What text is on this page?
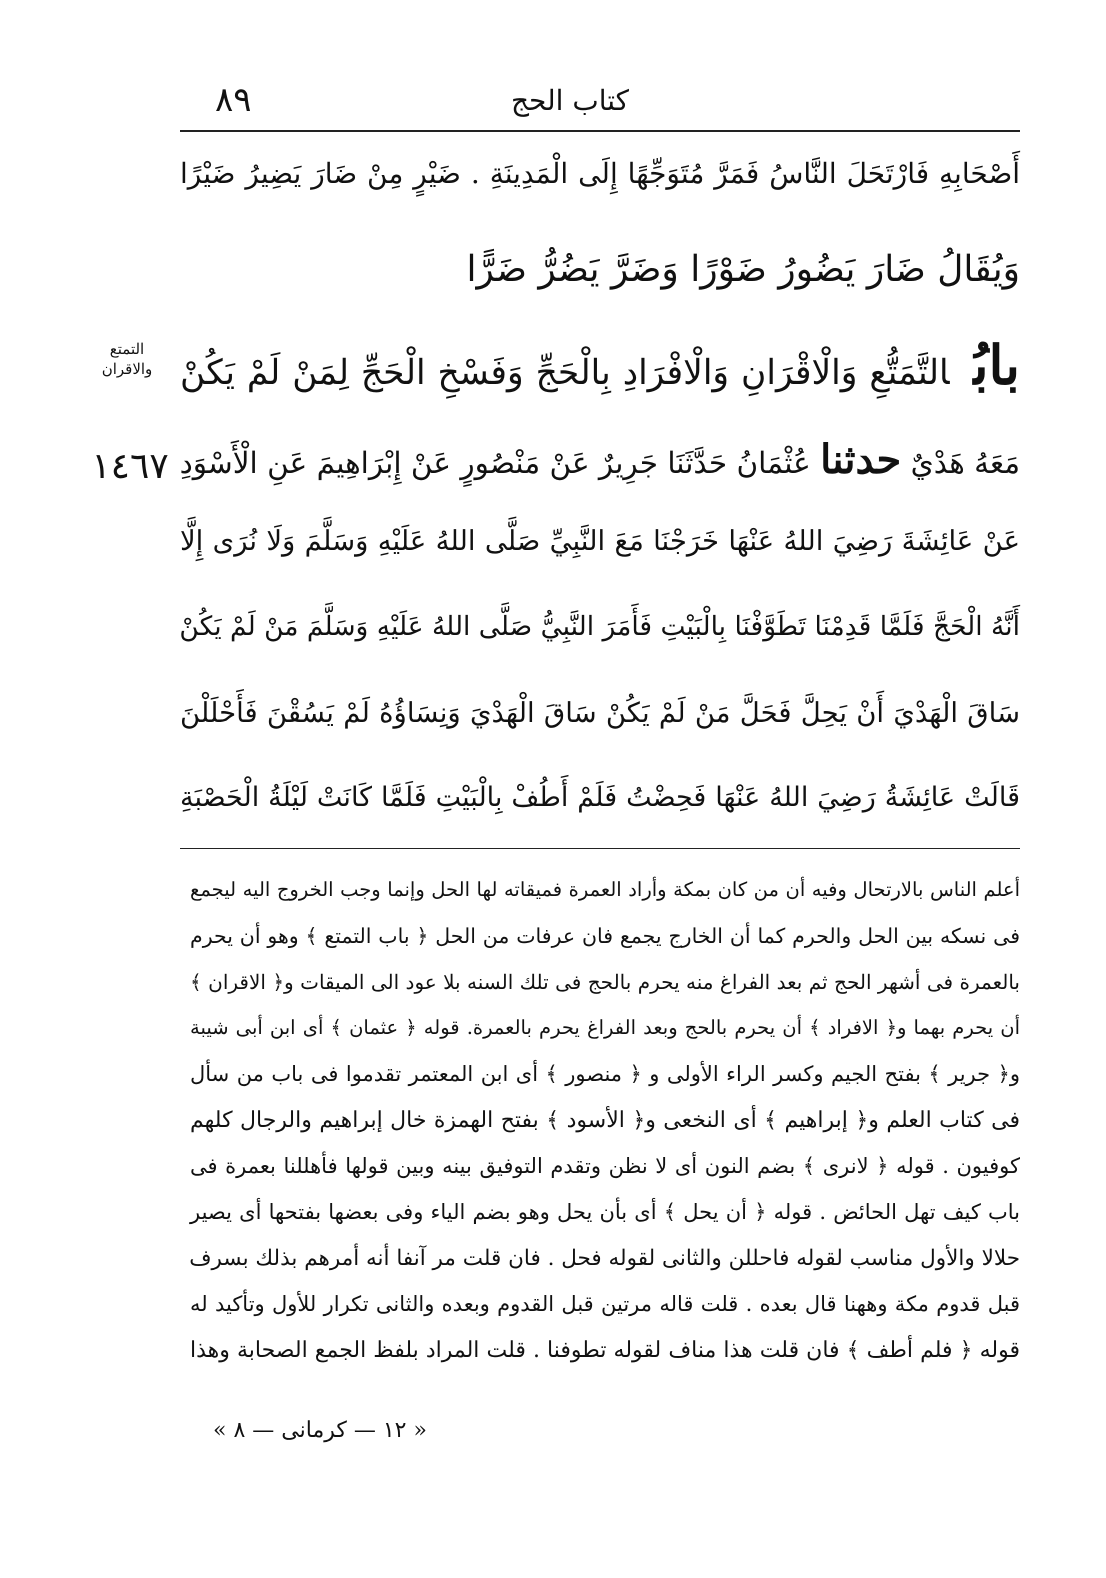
كتاب الحج
٨٩
أَصْحَابِهِ فَارْتَحَلَ النَّاسُ فَمَرَّ مُتَوَجِّهًا إِلَى الْمَدِينَةِ . ضَيْرٍ مِنْ ضَارَ يَضِيرُ ضَيْرًا
وَيُقَالُ ضَارَ يَضُورُ ضَوْرًا وَضَرَّ يَضُرُّ ضَرًّا
بابُالتَّمَتُّعِ وَالْاقْرَانِ وَالْافْرَادِ بِالْحَجِّ وَفَسْخِ الْحَجِّ لِمَنْ لَمْ يَكُنْ
التمتع
والاقران
١٤٦٧	مَعَهُ هَدْيٌ حدثنا عُثْمَانُ حَدَّثَنَا جَرِيرٌ عَنْ مَنْصُورٍ عَنْ إِبْرَاهِيمَ عَنِ الْأَسْوَدِ
عَنْ عَائِشَةَ رَضِيَ اللهُ عَنْهَا خَرَجْنَا مَعَ النَّبِيِّ صَلَّى اللهُ عَلَيْهِ وَسَلَّمَ وَلَا نُرَى إِلَّا
أَنَّهُ الْحَجَّ فَلَمَّا قَدِمْنَا تَطَوَّفْنَا بِالْبَيْتِ فَأَمَرَ النَّبِيُّ صَلَّى اللهُ عَلَيْهِ وَسَلَّمَ مَنْ لَمْ يَكُنْ
سَاقَ الْهَدْيَ أَنْ يَحِلَّ فَحَلَّ مَنْ لَمْ يَكُنْ سَاقَ الْهَدْيَ وَنِسَاؤُهُ لَمْ يَسُقْنَ فَأَحْلَلْنَ
قَالَتْ عَائِشَةُ رَضِيَ اللهُ عَنْهَا فَحِضْتُ فَلَمْ أَطُفْ بِالْبَيْتِ فَلَمَّا كَانَتْ لَيْلَةُ الْحَصْبَةِ
أعلم الناس بالارتحال وفيه أن من كان بمكة وأراد العمرة فميقاته لها الحل وإنما وجب الخروج اليه ليجمع
فى نسكه بين الحل والحرم كما أن الخارج يجمع فان عرفات من الحل ﴿ باب التمتع ﴾ وهو أن يحرم
بالعمرة فى أشهر الحج ثم بعد الفراغ منه يحرم بالحج فى تلك السنه بلا عود الى الميقات و﴿ الاقران ﴾
أن يحرم بهما و﴿ الافراد ﴾ أن يحرم بالحج وبعد الفراغ يحرم بالعمرة. قوله ﴿ عثمان ﴾ أى ابن أبى شيبة
و﴿ جرير ﴾ بفتح الجيم وكسر الراء الأولى و ﴿ منصور ﴾ أى ابن المعتمر تقدموا فى باب من سأل
فى كتاب العلم و﴿ إبراهيم ﴾ أى النخعى و﴿ الأسود ﴾ بفتح الهمزة خال إبراهيم والرجال كلهم
كوفيون . قوله ﴿ لانرى ﴾ بضم النون أى لا نظن وتقدم التوفيق بينه وبين قولها فأهللنا بعمرة فى
باب كيف تهل الحائض . قوله ﴿ أن يحل ﴾ أى بأن يحل وهو بضم الياء وفى بعضها بفتحها أى يصير
حلالا والأول مناسب لقوله فاحللن والثانى لقوله فحل . فان قلت مر آنفا أنه أمرهم بذلك بسرف
قبل قدوم مكة وههنا قال بعده . قلت قاله مرتين قبل القدوم وبعده والثانى تكرار للأول وتأكيد له
قوله ﴿ فلم أطف ﴾ فان قلت هذا مناف لقوله تطوفنا . قلت المراد بلفظ الجمع الصحابة وهذا
« ١٢ — كرمانى — ٨ »
